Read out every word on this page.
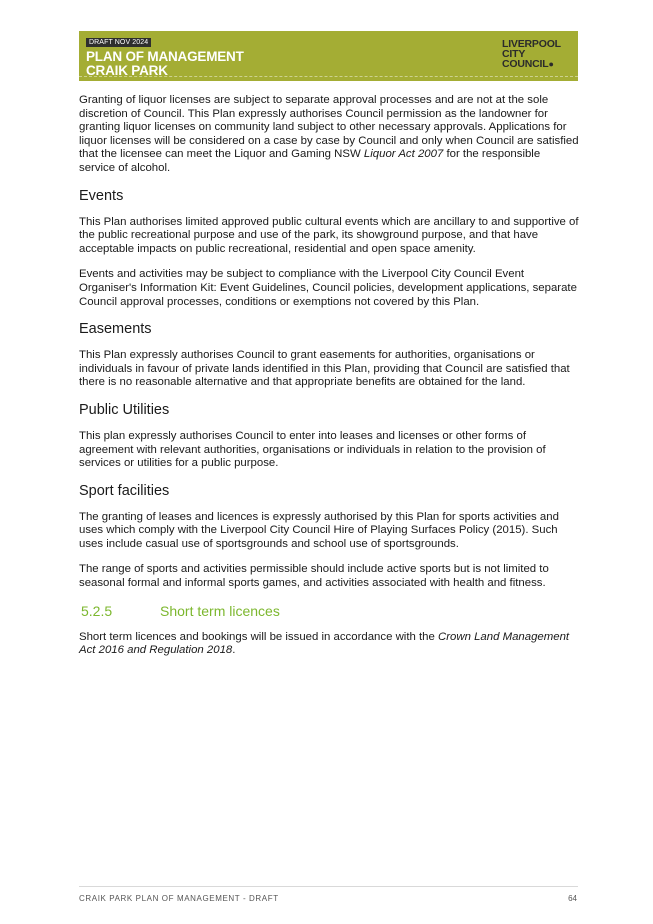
DRAFT NOV 2024
PLAN OF MANAGEMENT
CRAIK PARK
LIVERPOOL
CITY
COUNCIL●

Granting of liquor licenses are subject to separate approval processes and are not at the sole discretion of Council. This Plan expressly authorises Council permission as the landowner for granting liquor licenses on community land subject to other necessary approvals. Applications for liquor licenses will be considered on a case by case by Council and only when Council are satisfied that the licensee can meet the Liquor and Gaming NSW Liquor Act 2007 for the responsible service of alcohol.

Events

This Plan authorises limited approved public cultural events which are ancillary to and supportive of the public recreational purpose and use of the park, its showground purpose, and that have acceptable impacts on public recreational, residential and open space amenity.

Events and activities may be subject to compliance with the Liverpool City Council Event Organiser's Information Kit: Event Guidelines, Council policies, development applications, separate Council approval processes, conditions or exemptions not covered by this Plan.

Easements

This Plan expressly authorises Council to grant easements for authorities, organisations or individuals in favour of private lands identified in this Plan, providing that Council are satisfied that there is no reasonable alternative and that appropriate benefits are obtained for the land.

Public Utilities

This plan expressly authorises Council to enter into leases and licenses or other forms of agreement with relevant authorities, organisations or individuals in relation to the provision of services or utilities for a public purpose.

Sport facilities

The granting of leases and licences is expressly authorised by this Plan for sports activities and uses which comply with the Liverpool City Council Hire of Playing Surfaces Policy (2015). Such uses include casual use of sportsgrounds and school use of sportsgrounds.

The range of sports and activities permissible should include active sports but is not limited to seasonal formal and informal sports games, and activities associated with health and fitness.

5.2.5	Short term licences

Short term licences and bookings will be issued in accordance with the Crown Land Management Act 2016 and Regulation 2018.

CRAIK PARK PLAN OF MANAGEMENT - DRAFT	64
